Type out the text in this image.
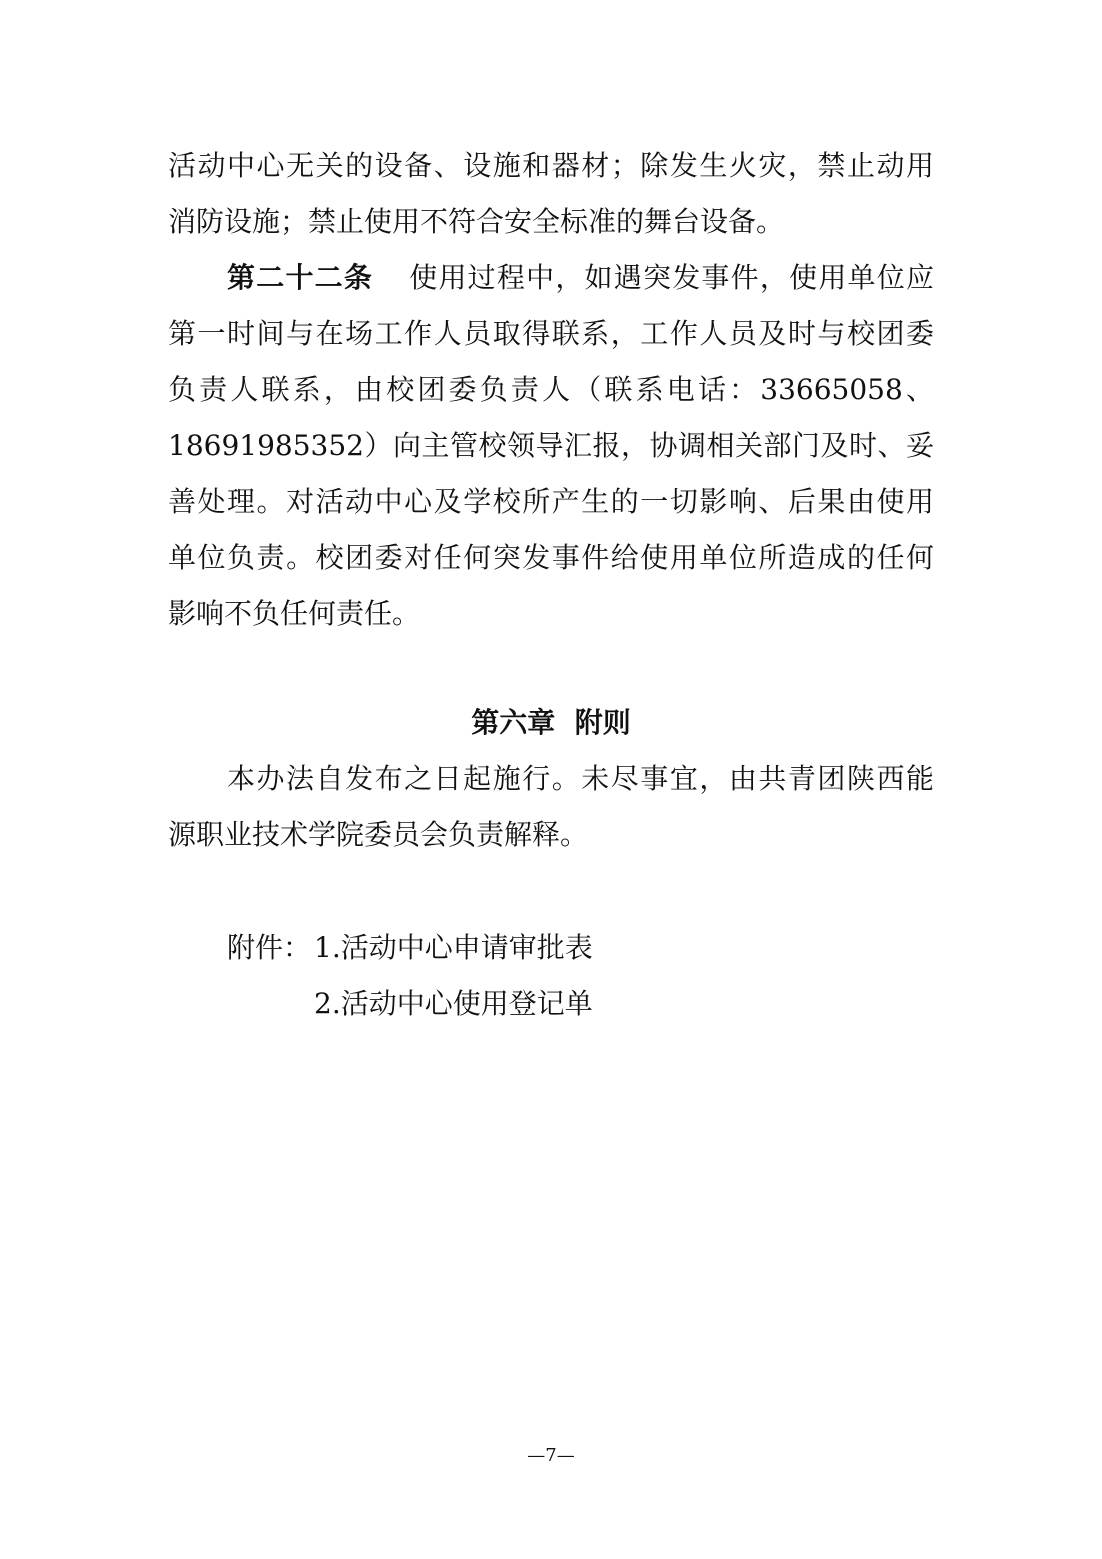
活动中心无关的设备、设施和器材；除发生火灾，禁止动用
消防设施；禁止使用不符合安全标准的舞台设备。
第二十二条 使用过程中，如遇突发事件，使用单位应
第一时间与在场工作人员取得联系，工作人员及时与校团委
负责人联系，由校团委负责人（联系电话：33665058、
18691985352）向主管校领导汇报，协调相关部门及时、妥
善处理。对活动中心及学校所产生的一切影响、后果由使用
单位负责。校团委对任何突发事件给使用单位所造成的任何
影响不负任何责任。
第六章  附则
本办法自发布之日起施行。未尽事宜，由共青团陕西能
源职业技术学院委员会负责解释。
附件： 1.活动中心申请审批表
2.活动中心使用登记单
—7—
